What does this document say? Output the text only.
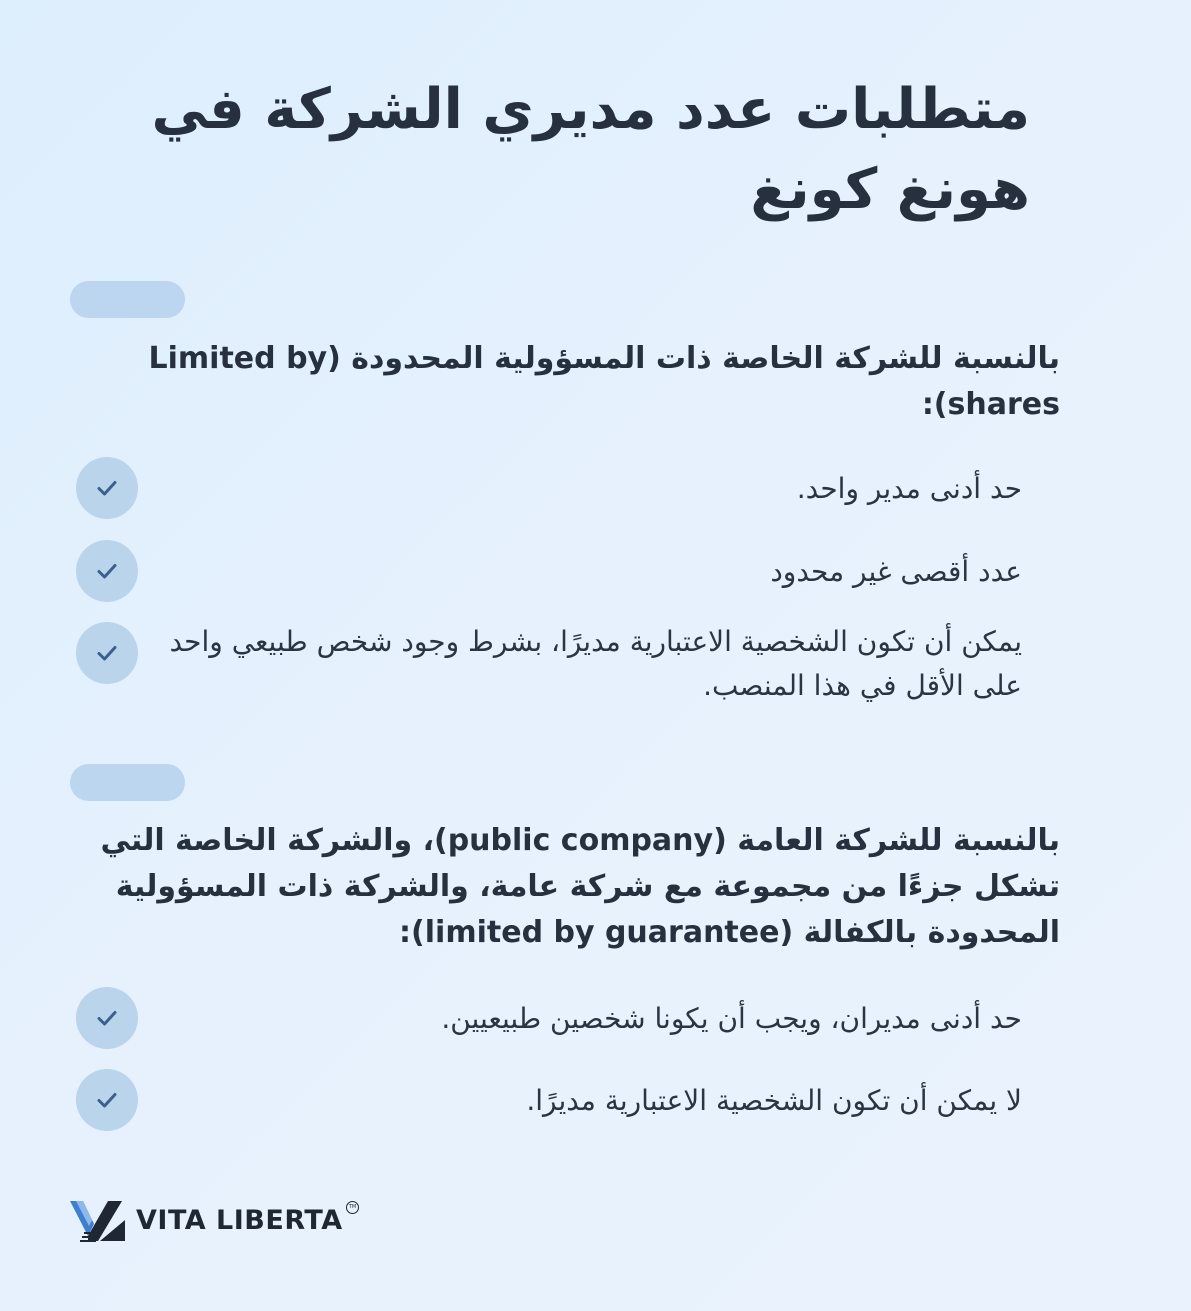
متطلبات عدد مديري الشركة في هونغ كونغ
بالنسبة للشركة الخاصة ذات المسؤولية المحدودة (Limited by shares):

حد أدنى مدير واحد.

عدد أقصى غير محدود

يمكن أن تكون الشخصية الاعتبارية مديرًا، بشرط وجود شخص طبيعي واحد على الأقل في هذا المنصب.

بالنسبة للشركة العامة (public company)، والشركة الخاصة التي تشكل جزءًا من مجموعة مع شركة عامة، والشركة ذات المسؤولية المحدودة بالكفالة (limited by guarantee):

حد أدنى مديران، ويجب أن يكونا شخصين طبيعيين.

لا يمكن أن تكون الشخصية الاعتبارية مديرًا.

VITA LIBERTA	TM
